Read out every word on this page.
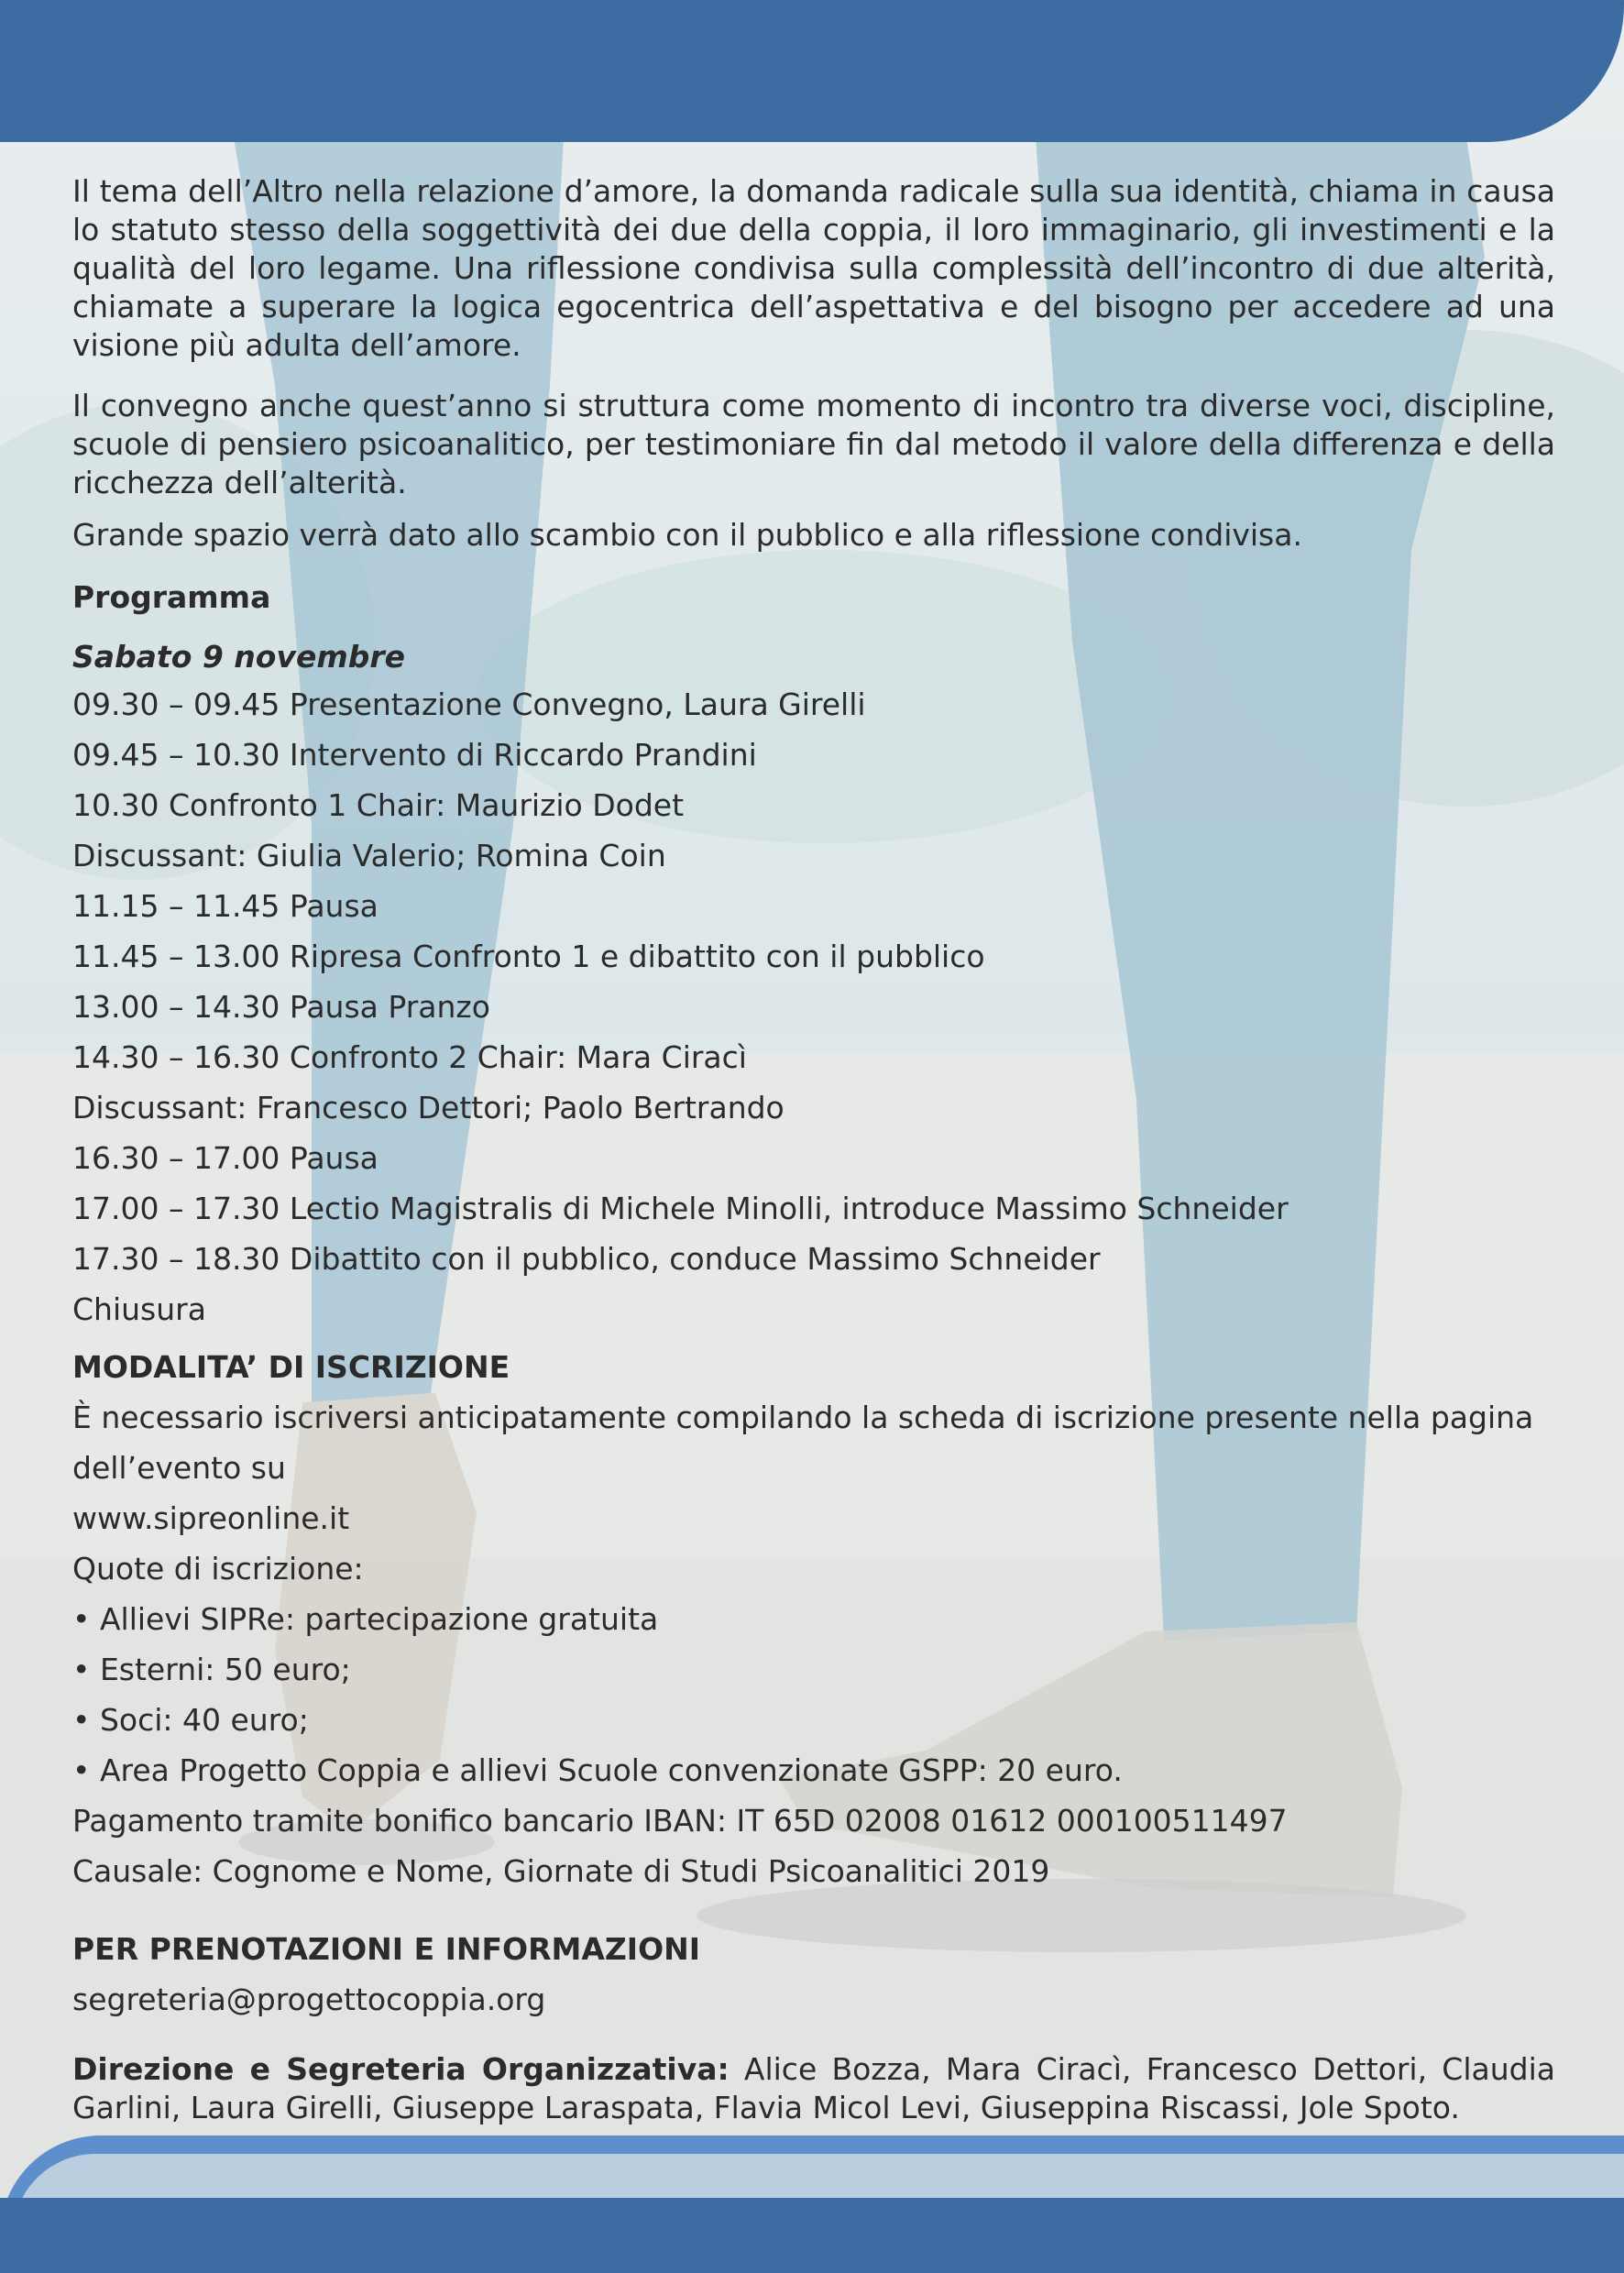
Il tema dell’Altro nella relazione d’amore, la domanda radicale sulla sua identità, chiama in causa lo statuto stesso della soggettività dei due della coppia, il loro immaginario, gli investimenti e la qualità del loro legame. Una riflessione condivisa sulla complessità dell’incontro di due alterità, chiamate a superare la logica egocentrica dell’aspettativa e del bisogno per accedere ad una visione più adulta dell’amore.

Il convegno anche quest’anno si struttura come momento di incontro tra diverse voci, discipline, scuole di pensiero psicoanalitico, per testimoniare fin dal metodo il valore della differenza e della ricchezza dell’alterità.

Grande spazio verrà dato allo scambio con il pubblico e alla riflessione condivisa.

Programma

Sabato 9 novembre

09.30 – 09.45 Presentazione Convegno, Laura Girelli

09.45 – 10.30 Intervento di Riccardo Prandini

10.30 Confronto 1 Chair: Maurizio Dodet

Discussant: Giulia Valerio; Romina Coin

11.15 – 11.45 Pausa

11.45 – 13.00 Ripresa Confronto 1 e dibattito con il pubblico

13.00 – 14.30 Pausa Pranzo

14.30 – 16.30 Confronto 2 Chair: Mara Ciracì

Discussant: Francesco Dettori; Paolo Bertrando

16.30 – 17.00 Pausa

17.00 – 17.30 Lectio Magistralis di Michele Minolli, introduce Massimo Schneider

17.30 – 18.30 Dibattito con il pubblico, conduce Massimo Schneider

Chiusura

MODALITA’ DI ISCRIZIONE

È necessario iscriversi anticipatamente compilando la scheda di iscrizione presente nella pagina

dell’evento su

www.sipreonline.it

Quote di iscrizione:

• Allievi SIPRe: partecipazione gratuita

• Esterni: 50 euro;

• Soci: 40 euro;

• Area Progetto Coppia e allievi Scuole convenzionate GSPP: 20 euro.

Pagamento tramite bonifico bancario IBAN: IT 65D 02008 01612 000100511497

Causale: Cognome e Nome, Giornate di Studi Psicoanalitici 2019

PER PRENOTAZIONI E INFORMAZIONI

segreteria@progettocoppia.org

Direzione e Segreteria Organizzativa: Alice Bozza, Mara Ciracì, Francesco Dettori, Claudia Garlini, Laura Girelli, Giuseppe Laraspata, Flavia Micol Levi, Giuseppina Riscassi, Jole Spoto.
